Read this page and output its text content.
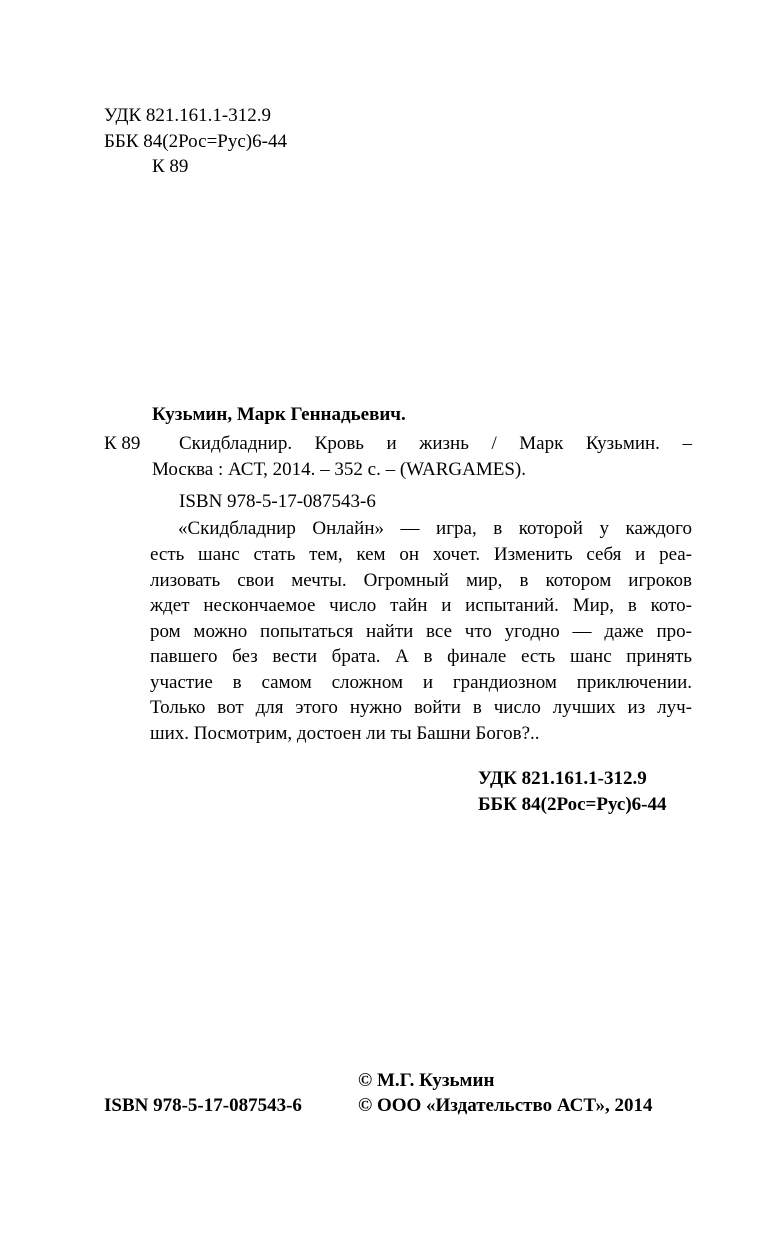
УДК 821.161.1-312.9
ББК 84(2Рос=Рус)6-44
К 89
Кузьмин, Марк Геннадьевич.
К 89 Скидбладнир. Кровь и жизнь / Марк Кузьмин. –
Москва : АСТ, 2014. – 352 с. – (WARGAMES).
ISBN 978-5-17-087543-6
«Скидбладнир Онлайн» — игра, в которой у каждого
есть шанс стать тем, кем он хочет. Изменить себя и реа-
лизовать свои мечты. Огромный мир, в котором игроков
ждет нескончаемое число тайн и испытаний. Мир, в кото-
ром можно попытаться найти все что угодно — даже про-
павшего без вести брата. А в финале есть шанс принять
участие в самом сложном и грандиозном приключении.
Только вот для этого нужно войти в число лучших из луч-
ших. Посмотрим, достоен ли ты Башни Богов?..
УДК 821.161.1-312.9
ББК 84(2Рос=Рус)6-44
© М.Г. Кузьмин
ISBN 978-5-17-087543-6	© ООО «Издательство АСТ», 2014
